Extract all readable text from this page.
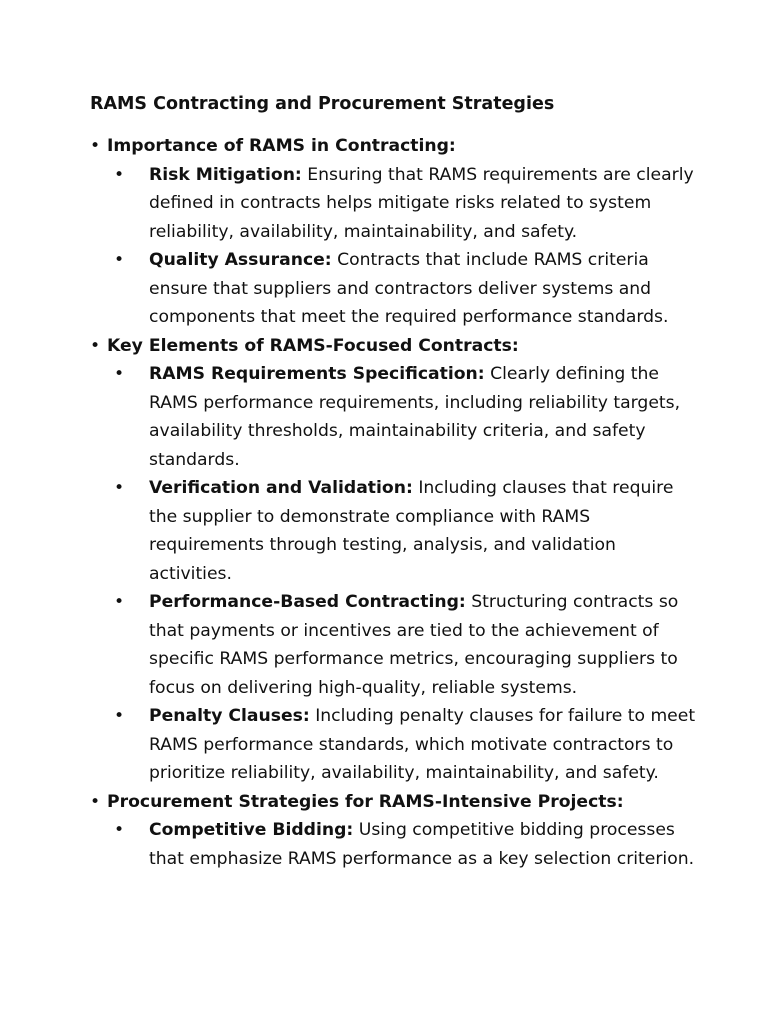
RAMS Contracting and Procurement Strategies
• Importance of RAMS in Contracting:
• Risk Mitigation: Ensuring that RAMS requirements are clearly defined in contracts helps mitigate risks related to system reliability, availability, maintainability, and safety.
• Quality Assurance: Contracts that include RAMS criteria ensure that suppliers and contractors deliver systems and components that meet the required performance standards.
• Key Elements of RAMS-Focused Contracts:
• RAMS Requirements Specification: Clearly defining the RAMS performance requirements, including reliability targets, availability thresholds, maintainability criteria, and safety standards.
• Verification and Validation: Including clauses that require the supplier to demonstrate compliance with RAMS requirements through testing, analysis, and validation activities.
• Performance-Based Contracting: Structuring contracts so that payments or incentives are tied to the achievement of specific RAMS performance metrics, encouraging suppliers to focus on delivering high-quality, reliable systems.
• Penalty Clauses: Including penalty clauses for failure to meet RAMS performance standards, which motivate contractors to prioritize reliability, availability, maintainability, and safety.
• Procurement Strategies for RAMS-Intensive Projects:
• Competitive Bidding: Using competitive bidding processes that emphasize RAMS performance as a key selection criterion.
